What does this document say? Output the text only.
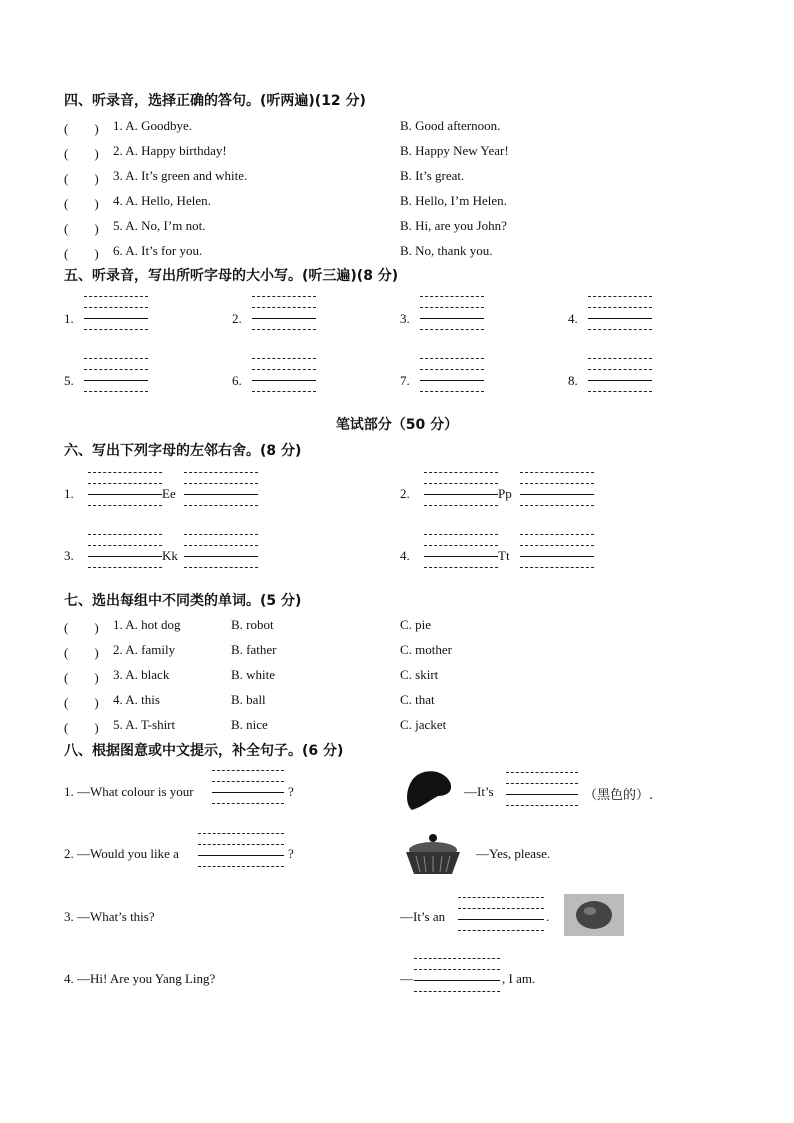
四、听录音，选择正确的答句。(听两遍)(12 分)
(　　) 1. A. Goodbye.	B. Good afternoon.
(　　) 2. A. Happy birthday!	B. Happy New Year!
(　　) 3. A. It’s green and white.	B. It’s great.
(　　) 4. A. Hello, Helen.	B. Hello, I’m Helen.
(　　) 5. A. No, I’m not.	B. Hi, are you John?
(　　) 6. A. It’s for you.	B. No, thank you.
五、听录音，写出所听字母的大小写。(听三遍)(8 分)
1.	2.	3.	4.
5.	6.	7.	8.
笔试部分（50 分）
六、写出下列字母的左邻右舍。(8 分)
1.	Ee	2.	Pp
3.	Kk	4.	Tt
七、选出每组中不同类的单词。(5 分)
(　　) 1. A. hot dog	B. robot	C. pie
(　　) 2. A. family	B. father	C. mother
(　　) 3. A. black	B. white	C. skirt
(　　) 4. A. this	B. ball	C. that
(　　) 5. A. T-shirt	B. nice	C. jacket
八、根据图意或中文提示，补全句子。(6 分)
1. —What colour is your	?	—It’s	（黑色的）.
2. —Would you like a	?	—Yes, please.
3. —What’s this?	—It’s an	.
4. —Hi! Are you Yang Ling?	—	, I am.
